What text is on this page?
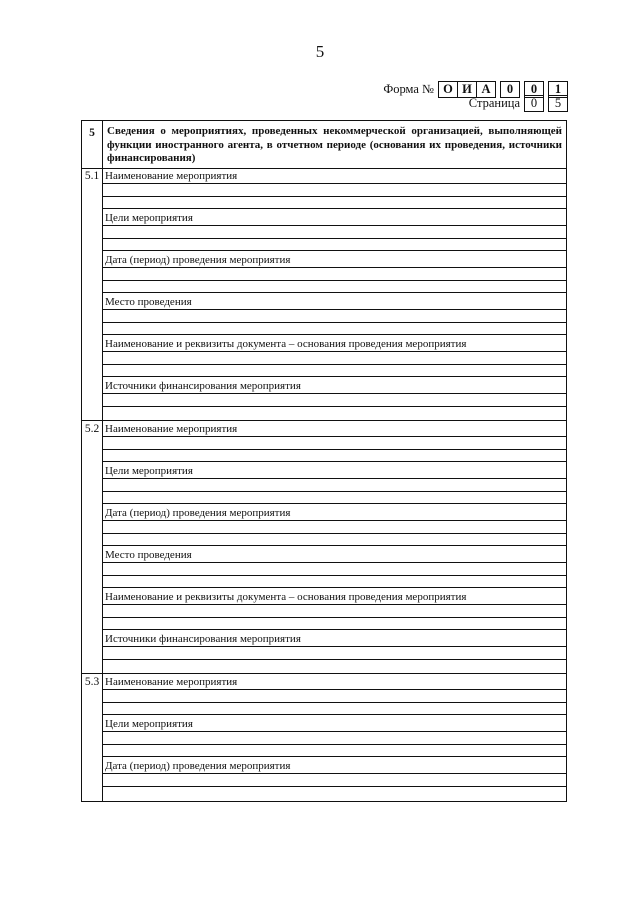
5
Форма № О И А	0	0	1
Страница 0	5
5	Сведения о мероприятиях, проведенных некоммерческой организацией, выполняющей функции иностранного агента, в отчетном периоде (основания их проведения, источники финансирования)
5.1 Наименование мероприятия
Цели мероприятия
Дата (период) проведения мероприятия
Место проведения
Наименование и реквизиты документа – основания проведения мероприятия
Источники финансирования мероприятия
5.2 Наименование мероприятия
Цели мероприятия
Дата (период) проведения мероприятия
Место проведения
Наименование и реквизиты документа – основания проведения мероприятия
Источники финансирования мероприятия
5.3 Наименование мероприятия
Цели мероприятия
Дата (период) проведения мероприятия
